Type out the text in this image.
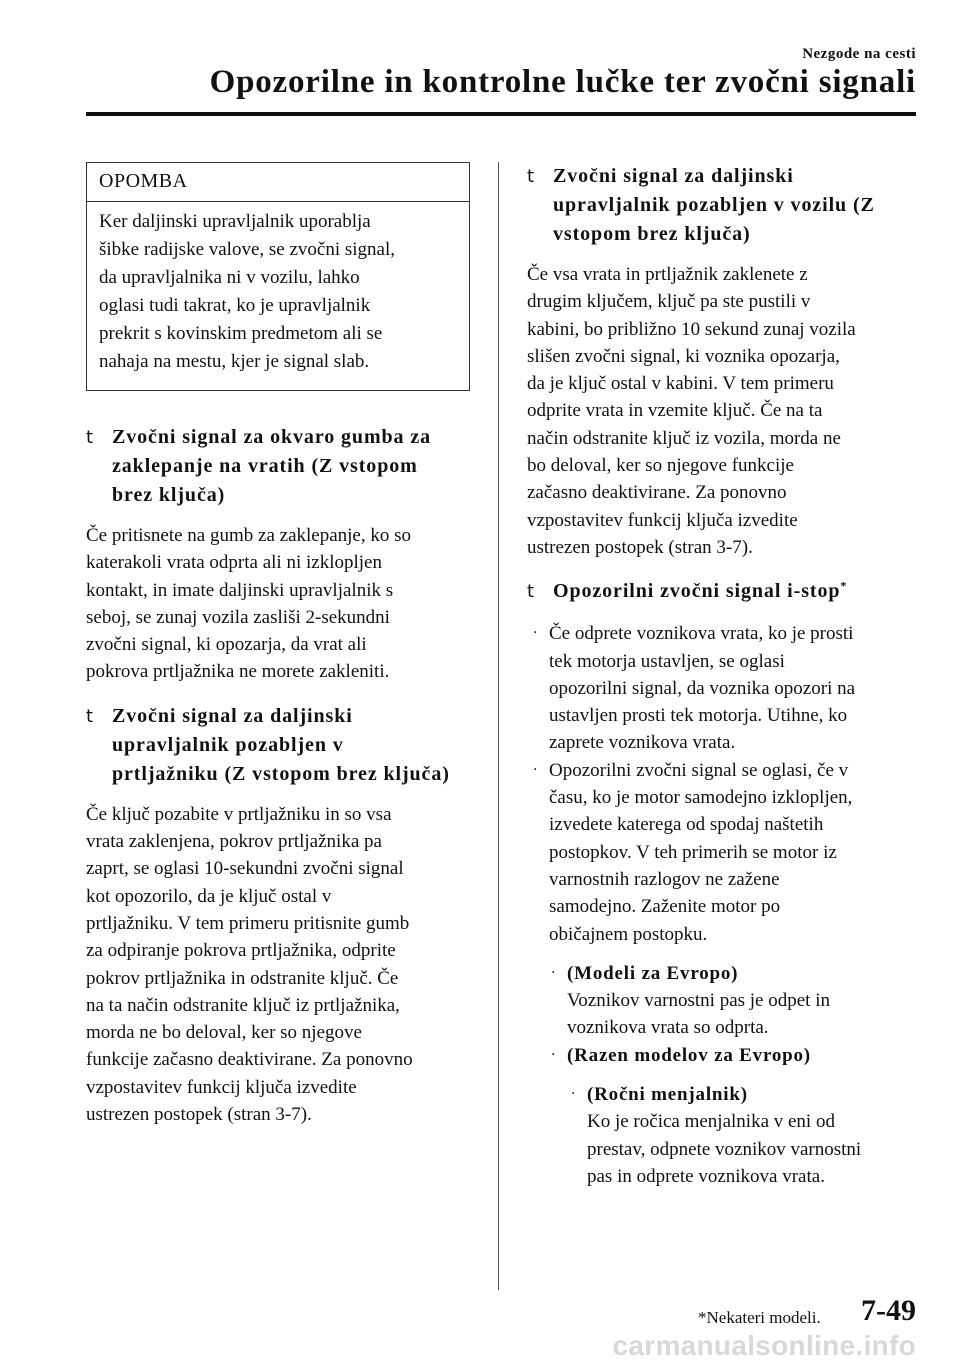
Nezgode na cesti
Opozorilne in kontrolne lučke ter zvočni signali
OPOMBA
Ker daljinski upravljalnik uporablja
šibke radijske valove, se zvočni signal,
da upravljalnika ni v vozilu, lahko
oglasi tudi takrat, ko je upravljalnik
prekrit s kovinskim predmetom ali se
nahaja na mestu, kjer je signal slab.
t Zvočni signal za okvaro gumba za
zaklepanje na vratih (Z vstopom
brez ključa)
Če pritisnete na gumb za zaklepanje, ko so
katerakoli vrata odprta ali ni izklopljen
kontakt, in imate daljinski upravljalnik s
seboj, se zunaj vozila zasliši 2-sekundni
zvočni signal, ki opozarja, da vrat ali
pokrova prtljažnika ne morete zakleniti.
t Zvočni signal za daljinski
upravljalnik pozabljen v
prtljažniku (Z vstopom brez ključa)
Če ključ pozabite v prtljažniku in so vsa
vrata zaklenjena, pokrov prtljažnika pa
zaprt, se oglasi 10-sekundni zvočni signal
kot opozorilo, da je ključ ostal v
prtljažniku. V tem primeru pritisnite gumb
za odpiranje pokrova prtljažnika, odprite
pokrov prtljažnika in odstranite ključ. Če
na ta način odstranite ključ iz prtljažnika,
morda ne bo deloval, ker so njegove
funkcije začasno deaktivirane. Za ponovno
vzpostavitev funkcij ključa izvedite
ustrezen postopek (stran 3-7).
t Zvočni signal za daljinski
upravljalnik pozabljen v vozilu (Z
vstopom brez ključa)
Če vsa vrata in prtljažnik zaklenete z
drugim ključem, ključ pa ste pustili v
kabini, bo približno 10 sekund zunaj vozila
slišen zvočni signal, ki voznika opozarja,
da je ključ ostal v kabini. V tem primeru
odprite vrata in vzemite ključ. Če na ta
način odstranite ključ iz vozila, morda ne
bo deloval, ker so njegove funkcije
začasno deaktivirane. Za ponovno
vzpostavitev funkcij ključa izvedite
ustrezen postopek (stran 3-7).
t Opozorilni zvočni signal i-stop*
· Če odprete voznikova vrata, ko je prosti
tek motorja ustavljen, se oglasi
opozorilni signal, da voznika opozori na
ustavljen prosti tek motorja. Utihne, ko
zaprete voznikova vrata.
· Opozorilni zvočni signal se oglasi, če v
času, ko je motor samodejno izklopljen,
izvedete katerega od spodaj naštetih
postopkov. V teh primerih se motor iz
varnostnih razlogov ne zažene
samodejno. Zaženite motor po
običajnem postopku.
· (Modeli za Evropo)
Voznikov varnostni pas je odpet in
voznikova vrata so odprta.
· (Razen modelov za Evropo)
· (Ročni menjalnik)
Ko je ročica menjalnika v eni od
prestav, odpnete voznikov varnostni
pas in odprete voznikova vrata.
*Nekateri modeli. 7-49
carmanualsonline.info
